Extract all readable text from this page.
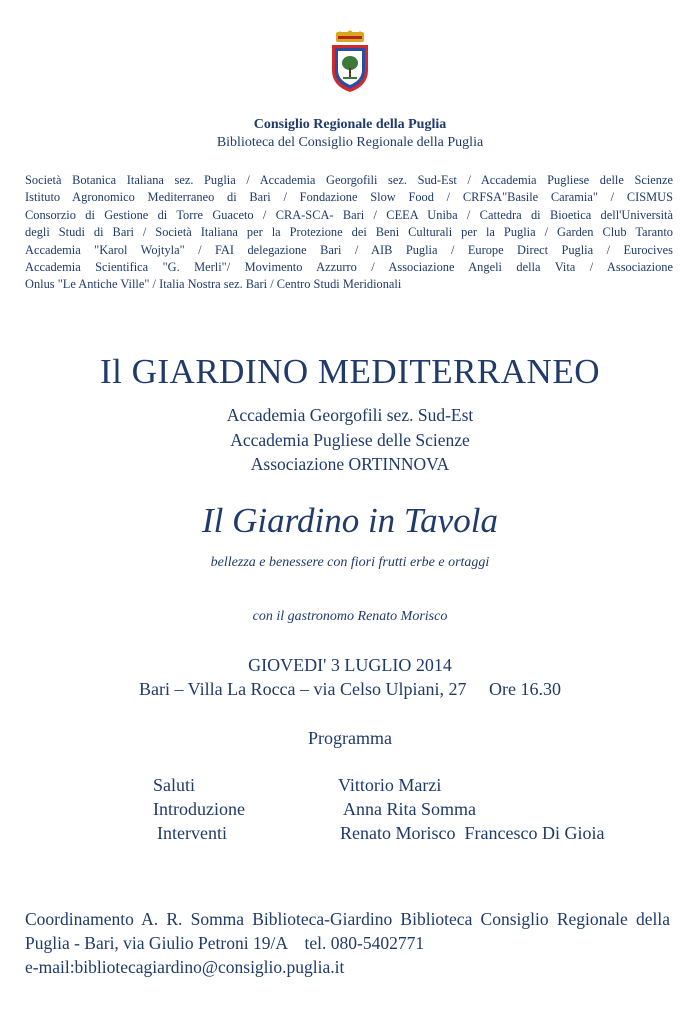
Consiglio Regionale della Puglia
Biblioteca del Consiglio Regionale della Puglia
Società Botanica Italiana sez. Puglia / Accademia Georgofili sez. Sud-Est / Accademia Pugliese delle Scienze
Istituto Agronomico Mediterraneo di Bari / Fondazione Slow Food / CRFSA"Basile Caramia" / CISMUS
Consorzio di Gestione di Torre Guaceto / CRA-SCA- Bari / CEEA Uniba / Cattedra di Bioetica dell'Università
degli Studi di Bari / Società Italiana per la Protezione dei Beni Culturali per la Puglia / Garden Club Taranto
Accademia "Karol Wojtyla" / FAI delegazione Bari / AIB Puglia / Europe Direct Puglia / Eurocives
Accademia Scientifica "G. Merli"/ Movimento Azzurro / Associazione Angeli della Vita / Associazione
Onlus "Le Antiche Ville" / Italia Nostra sez. Bari / Centro Studi Meridionali
Il GIARDINO MEDITERRANEO
Accademia Georgofili sez. Sud-Est
Accademia Pugliese delle Scienze
Associazione ORTINNOVA
Il Giardino in Tavola
bellezza e benessere con fiori frutti erbe e ortaggi
con il gastronomo Renato Morisco
GIOVEDI' 3 LUGLIO 2014
Bari – Villa La Rocca – via Celso Ulpiani, 27     Ore 16.30
Programma
Saluti	Vittorio Marzi
Introduzione	Anna Rita Somma
Interventi	Renato Morisco  Francesco Di Gioia
Coordinamento A. R. Somma Biblioteca-Giardino Biblioteca Consiglio Regionale della
Puglia - Bari, via Giulio Petroni 19/A    tel. 080-5402771
e-mail:bibliotecagiardino@consiglio.puglia.it
